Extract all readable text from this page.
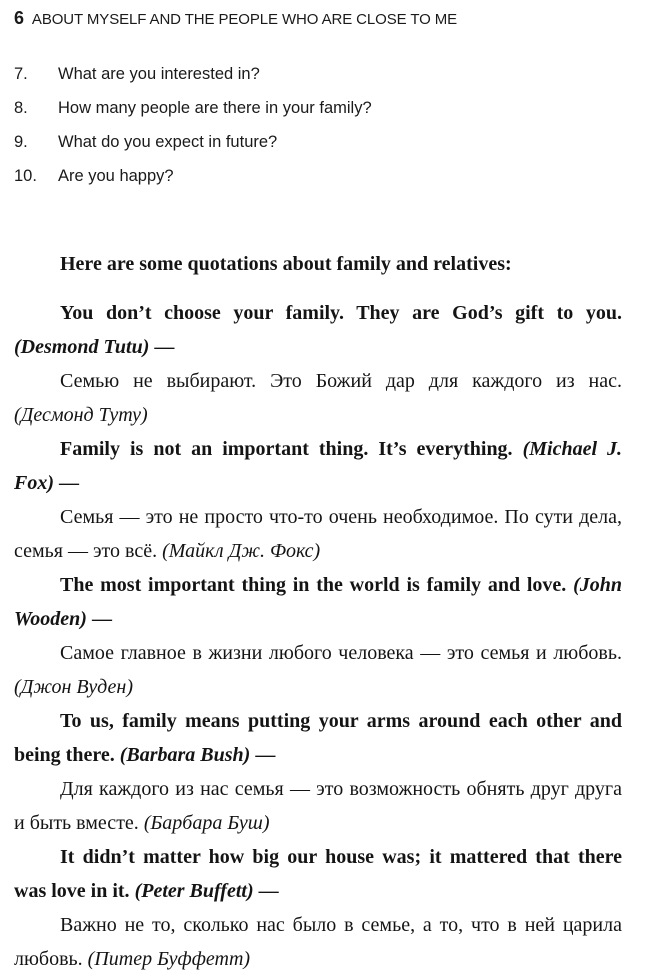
6 ABOUT MYSELF AND THE PEOPLE WHO ARE CLOSE TO ME
7. What are you interested in?
8. How many people are there in your family?
9. What do you expect in future?
10. Are you happy?
Here are some quotations about family and relatives:

You don’t choose your family. They are God’s gift to you. (Desmond Tutu) —

Семью не выбирают. Это Божий дар для каждого из нас. (Десмонд Туту)

Family is not an important thing. It’s everything. (Michael J. Fox) —

Семья — это не просто что-то очень необходимое. По сути дела, семья — это всё. (Майкл Дж. Фокс)

The most important thing in the world is family and love. (John Wooden) —

Самое главное в жизни любого человека — это семья и любовь. (Джон Вуден)

To us, family means putting your arms around each other and being there. (Barbara Bush) —

Для каждого из нас семья — это возможность обнять друг друга и быть вместе. (Барбара Буш)

It didn’t matter how big our house was; it mattered that there was love in it. (Peter Buffett) —

Важно не то, сколько нас было в семье, а то, что в ней царила любовь. (Питер Буффетт)
